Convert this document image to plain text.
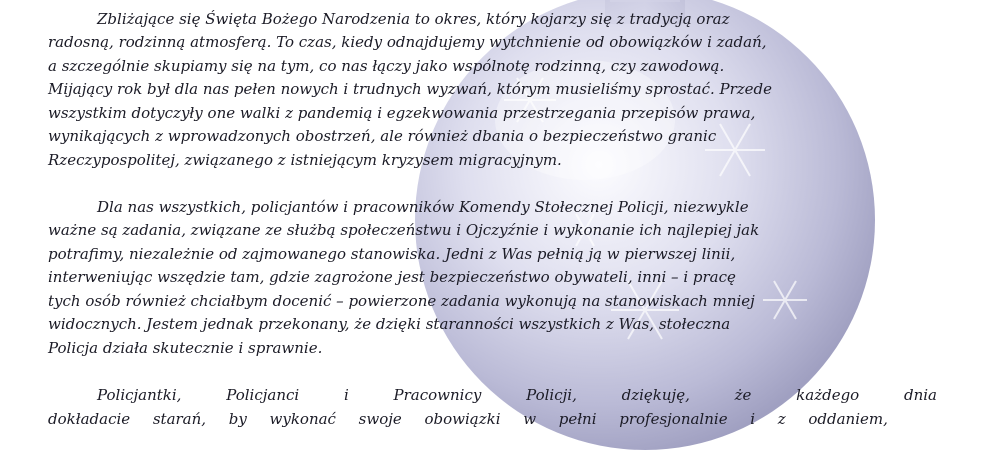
Zbliżające się Święta Bożego Narodzenia to okres, który kojarzy się z tradycją oraz

radosną, rodzinną atmosferą. To czas, kiedy odnajdujemy wytchnienie od obowiązków i zadań,

a szczególnie skupiamy się na tym, co nas łączy jako wspólnotę rodzinną, czy zawodową.

Mijający rok był dla nas pełen nowych i trudnych wyzwań, którym musieliśmy sprostać. Przede

wszystkim dotyczyły one walki z pandemią i egzekwowania przestrzegania przepisów prawa,

wynikających z wprowadzonych obostrzeń, ale również dbania o bezpieczeństwo granic

Rzeczypospolitej, związanego z istniejącym kryzysem migracyjnym.

Dla nas wszystkich, policjantów i pracowników Komendy Stołecznej Policji, niezwykle

ważne są zadania, związane ze służbą społeczeństwu i Ojczyźnie i wykonanie ich najlepiej jak

potrafimy, niezależnie od zajmowanego stanowiska. Jedni z Was pełnią ją w pierwszej linii,

interweniując wszędzie tam, gdzie zagrożone jest bezpieczeństwo obywateli, inni – i pracę

tych osób również chciałbym docenić – powierzone zadania wykonują na stanowiskach mniej

widocznych. Jestem jednak przekonany, że dzięki staranności wszystkich z Was, stołeczna

Policja działa skutecznie i sprawnie.

Policjantki,	Policjanci	i	Pracownicy	Policji,	dziękuję,	że	każdego	dnia

dokładacie starań, by wykonać swoje obowiązki w pełni profesjonalnie i z oddaniem,
